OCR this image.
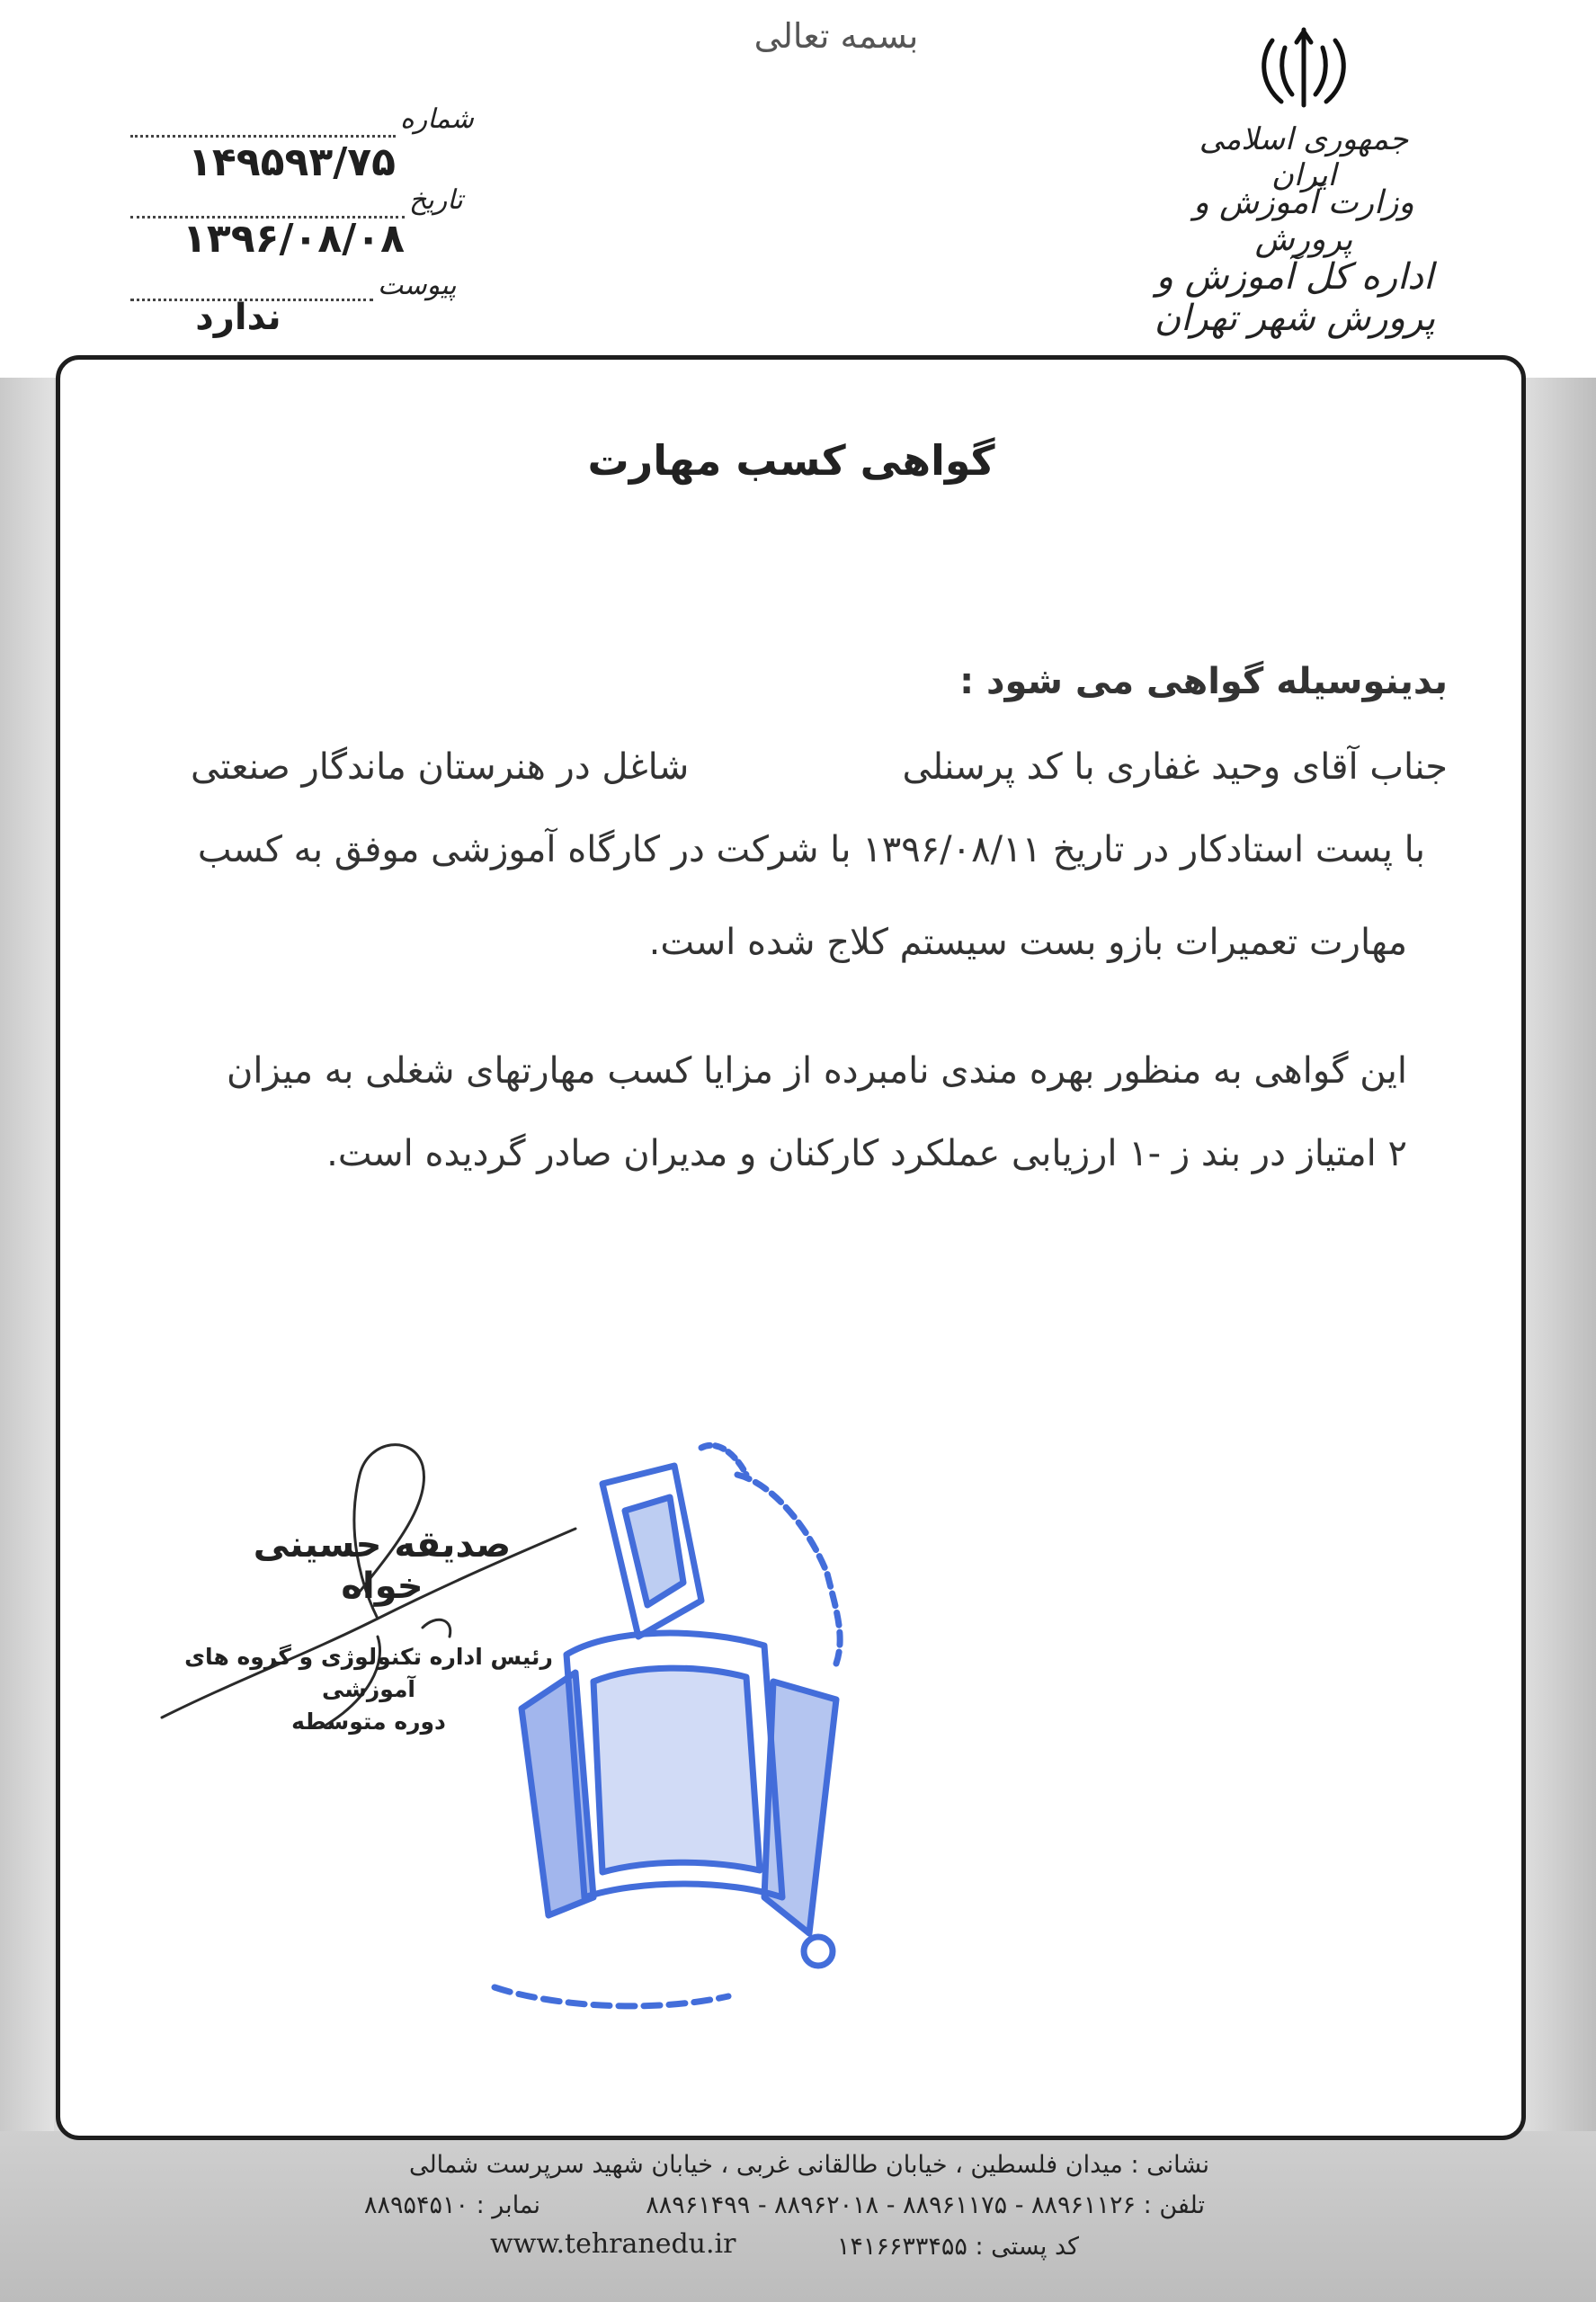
بسمه تعالی
جمهوری اسلامی ایران
وزارت آموزش و پرورش
اداره کل آموزش و پرورش شهر تهران
شماره
۱۴۹۵۹۳/۷۵
تاریخ
۱۳۹۶/۰۸/۰۸
پیوست
ندارد
گواهی کسب مهارت
بدینوسیله گواهی می شود :
جناب آقای وحید غفاری با کد پرسنلی
شاغل در هنرستان ماندگار صنعتی
با پست استادکار در تاریخ ۱۳۹۶/۰۸/۱۱ با شرکت در کارگاه آموزشی موفق به کسب
مهارت تعمیرات بازو بست سیستم کلاج شده است.
این گواهی به منظور بهره مندی نامبرده از مزایا کسب مهارتهای شغلی به میزان
۲ امتیاز در بند ز -۱ ارزیابی عملکرد کارکنان و مدیران صادر گردیده است.
صدیقه حسینی خواه
رئیس اداره تکنولوژی و گروه های آموزشی
دوره متوسطه
نشانی : میدان فلسطین ، خیابان طالقانی غربی ، خیابان شهید سرپرست شمالی
تلفن : ۸۸۹۶۱۱۲۶ - ۸۸۹۶۱۱۷۵ - ۸۸۹۶۲۰۱۸ - ۸۸۹۶۱۴۹۹
نمابر : ۸۸۹۵۴۵۱۰
کد پستی : ۱۴۱۶۶۳۳۴۵۵
www.tehranedu.ir
